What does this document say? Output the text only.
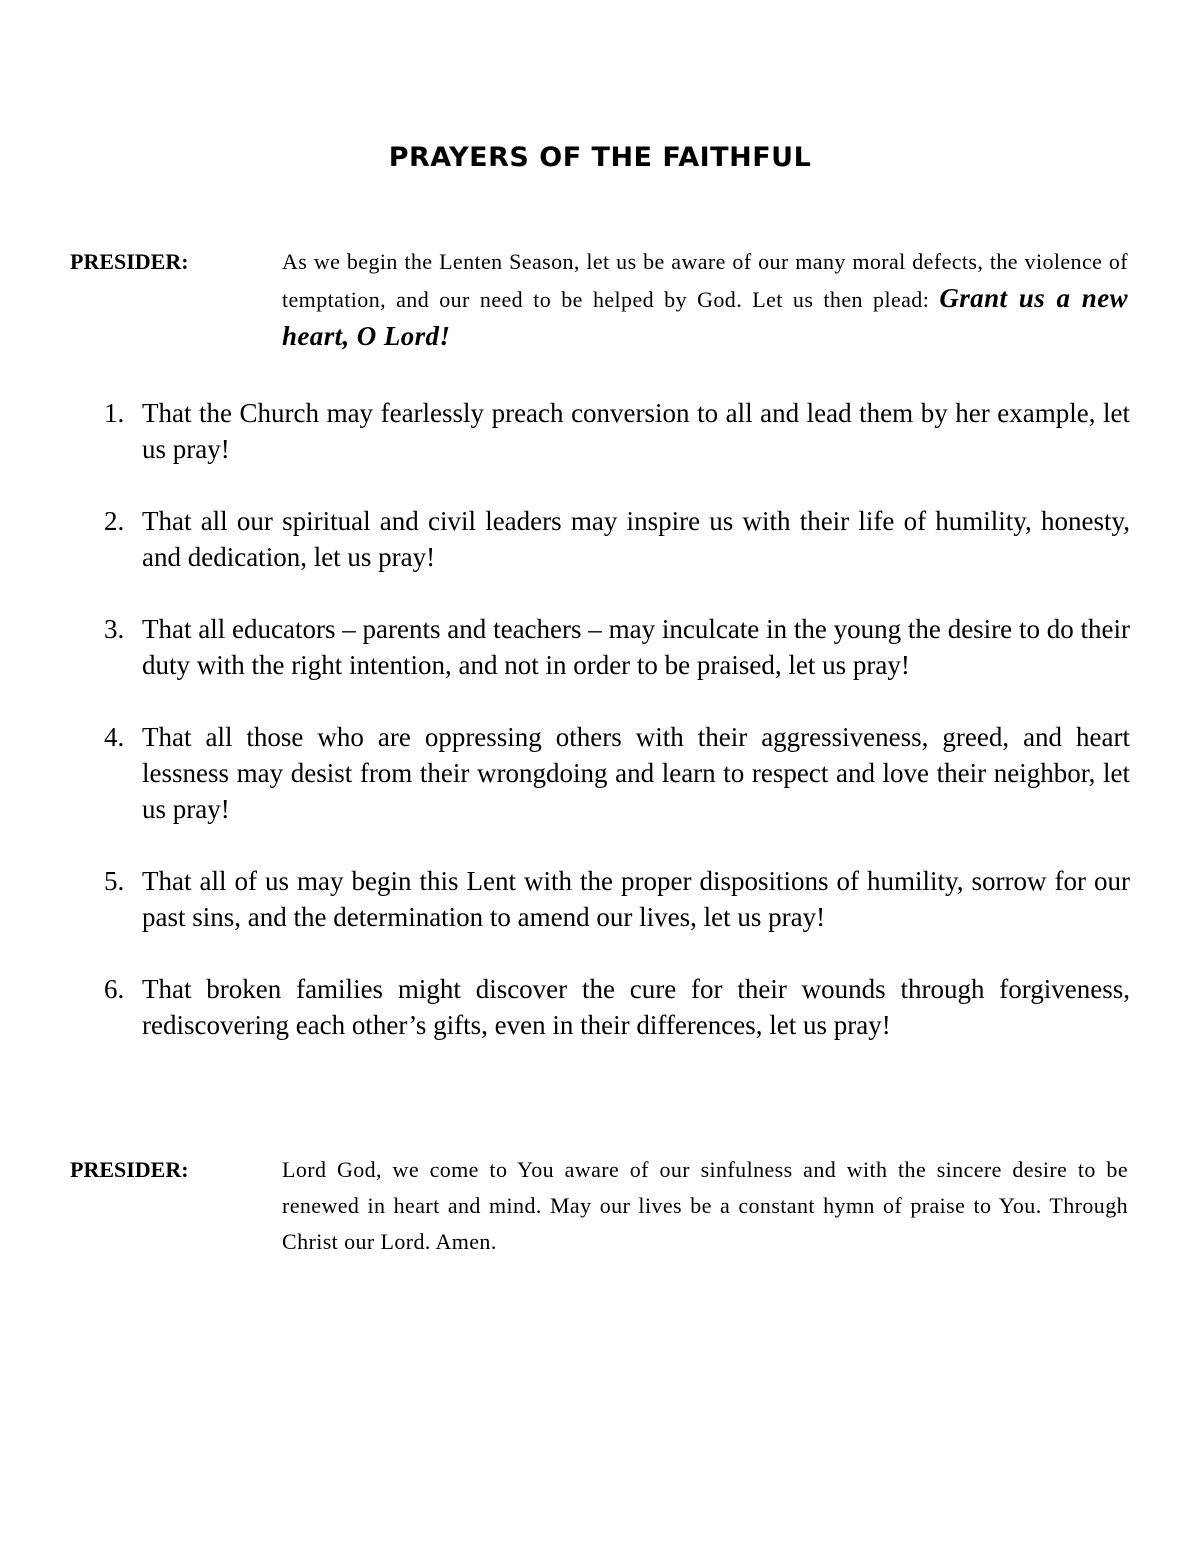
PRAYERS OF THE FAITHFUL
PRESIDER:	As we begin the Lenten Season, let us be aware of our many moral defects, the violence of temptation, and our need to be helped by God. Let us then plead: Grant us a new heart, O Lord!
1. That the Church may fearlessly preach conversion to all and lead them by her example, let us pray!
2. That all our spiritual and civil leaders may inspire us with their life of humility, honesty, and dedication, let us pray!
3. That all educators – parents and teachers – may inculcate in the young the desire to do their duty with the right intention, and not in order to be praised, let us pray!
4. That all those who are oppressing others with their aggressiveness, greed, and heart lessness may desist from their wrongdoing and learn to respect and love their neighbor, let us pray!
5. That all of us may begin this Lent with the proper dispositions of humility, sorrow for our past sins, and the determination to amend our lives, let us pray!
6. That broken families might discover the cure for their wounds through forgiveness, rediscovering each other’s gifts, even in their differences, let us pray!
PRESIDER:	Lord God, we come to You aware of our sinfulness and with the sincere desire to be renewed in heart and mind. May our lives be a constant hymn of praise to You. Through Christ our Lord. Amen.
